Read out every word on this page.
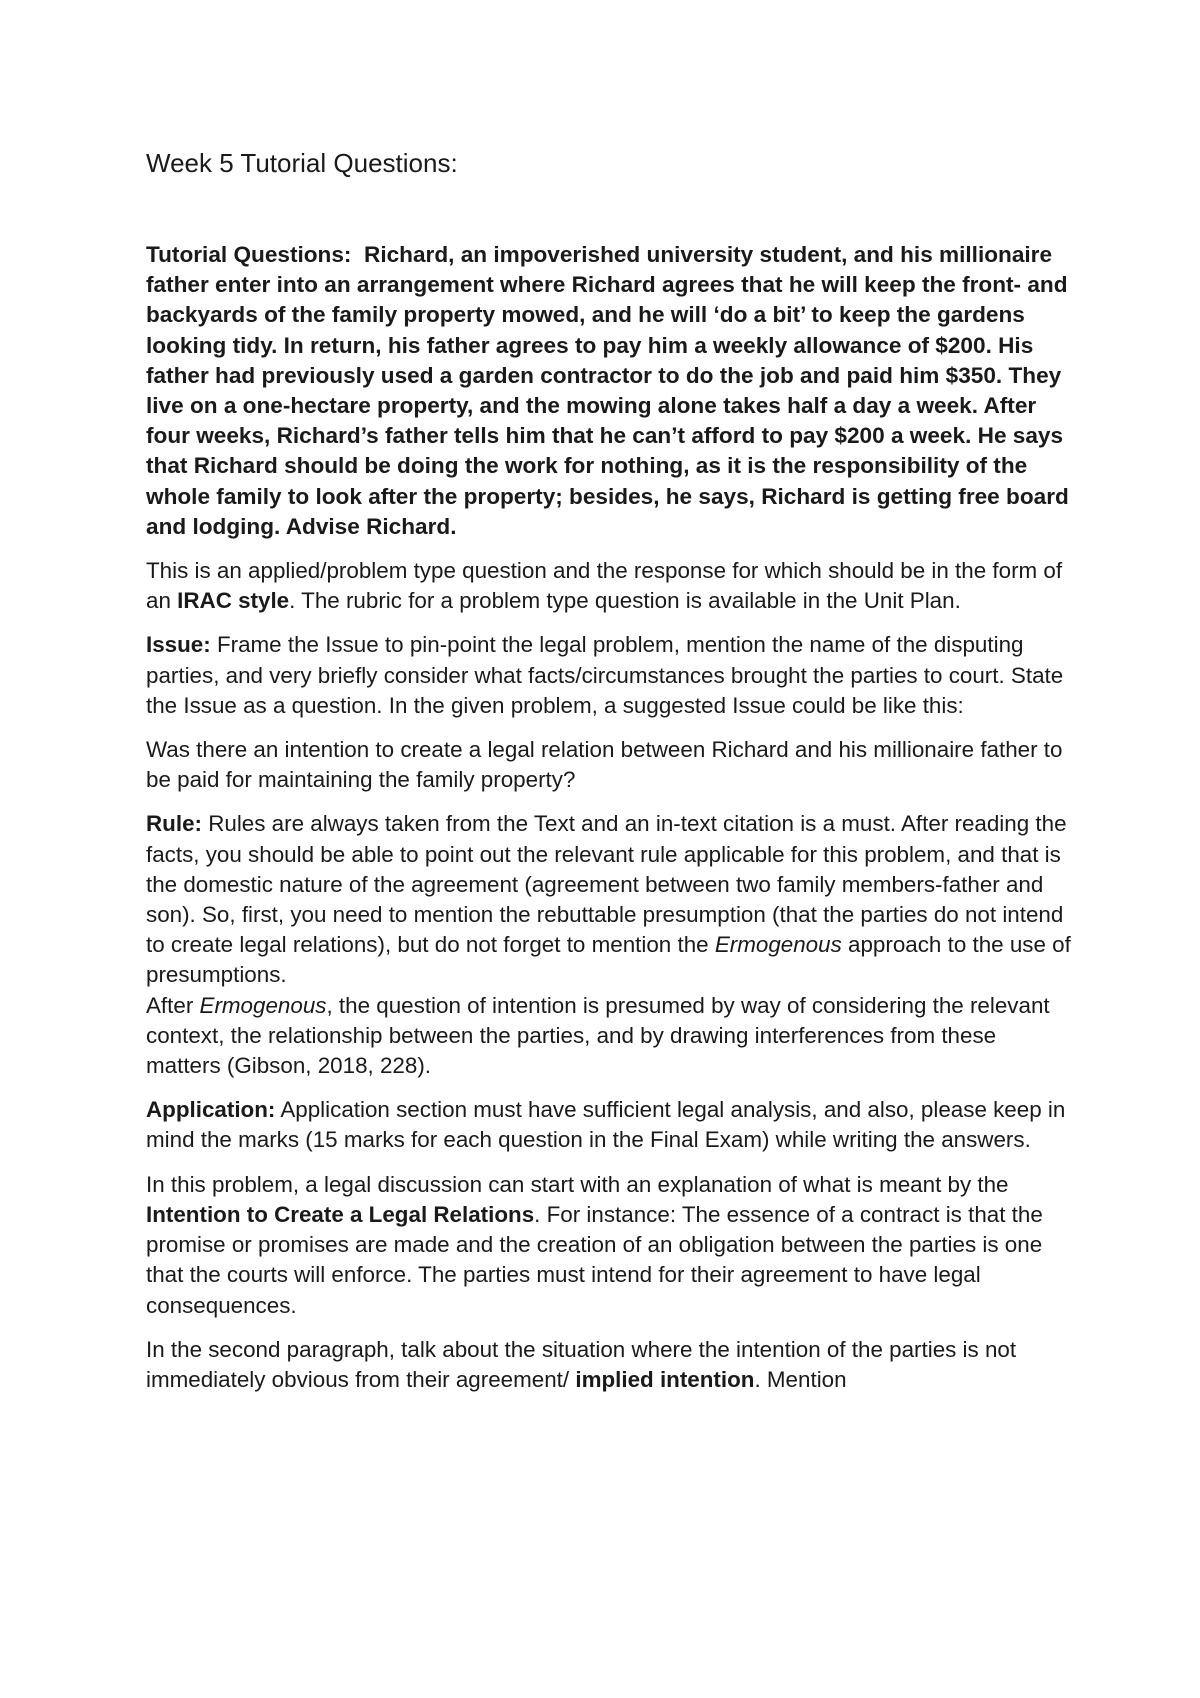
Week 5 Tutorial Questions:

Tutorial Questions: Richard, an impoverished university student, and his millionaire father enter into an arrangement where Richard agrees that he will keep the front- and backyards of the family property mowed, and he will ‘do a bit’ to keep the gardens looking tidy. In return, his father agrees to pay him a weekly allowance of $200. His father had previously used a garden contractor to do the job and paid him $350. They live on a one-hectare property, and the mowing alone takes half a day a week. After four weeks, Richard’s father tells him that he can’t afford to pay $200 a week. He says that Richard should be doing the work for nothing, as it is the responsibility of the whole family to look after the property; besides, he says, Richard is getting free board and lodging. Advise Richard.

This is an applied/problem type question and the response for which should be in the form of an IRAC style. The rubric for a problem type question is available in the Unit Plan.

Issue: Frame the Issue to pin-point the legal problem, mention the name of the disputing parties, and very briefly consider what facts/circumstances brought the parties to court. State the Issue as a question. In the given problem, a suggested Issue could be like this:

Was there an intention to create a legal relation between Richard and his millionaire father to be paid for maintaining the family property?

Rule: Rules are always taken from the Text and an in-text citation is a must. After reading the facts, you should be able to point out the relevant rule applicable for this problem, and that is the domestic nature of the agreement (agreement between two family members-father and son). So, first, you need to mention the rebuttable presumption (that the parties do not intend to create legal relations), but do not forget to mention the Ermogenous approach to the use of presumptions.

After Ermogenous, the question of intention is presumed by way of considering the relevant context, the relationship between the parties, and by drawing interferences from these matters (Gibson, 2018, 228).

Application: Application section must have sufficient legal analysis, and also, please keep in mind the marks (15 marks for each question in the Final Exam) while writing the answers.

In this problem, a legal discussion can start with an explanation of what is meant by the Intention to Create a Legal Relations. For instance: The essence of a contract is that the promise or promises are made and the creation of an obligation between the parties is one that the courts will enforce. The parties must intend for their agreement to have legal consequences.

In the second paragraph, talk about the situation where the intention of the parties is not immediately obvious from their agreement/ implied intention. Mention
